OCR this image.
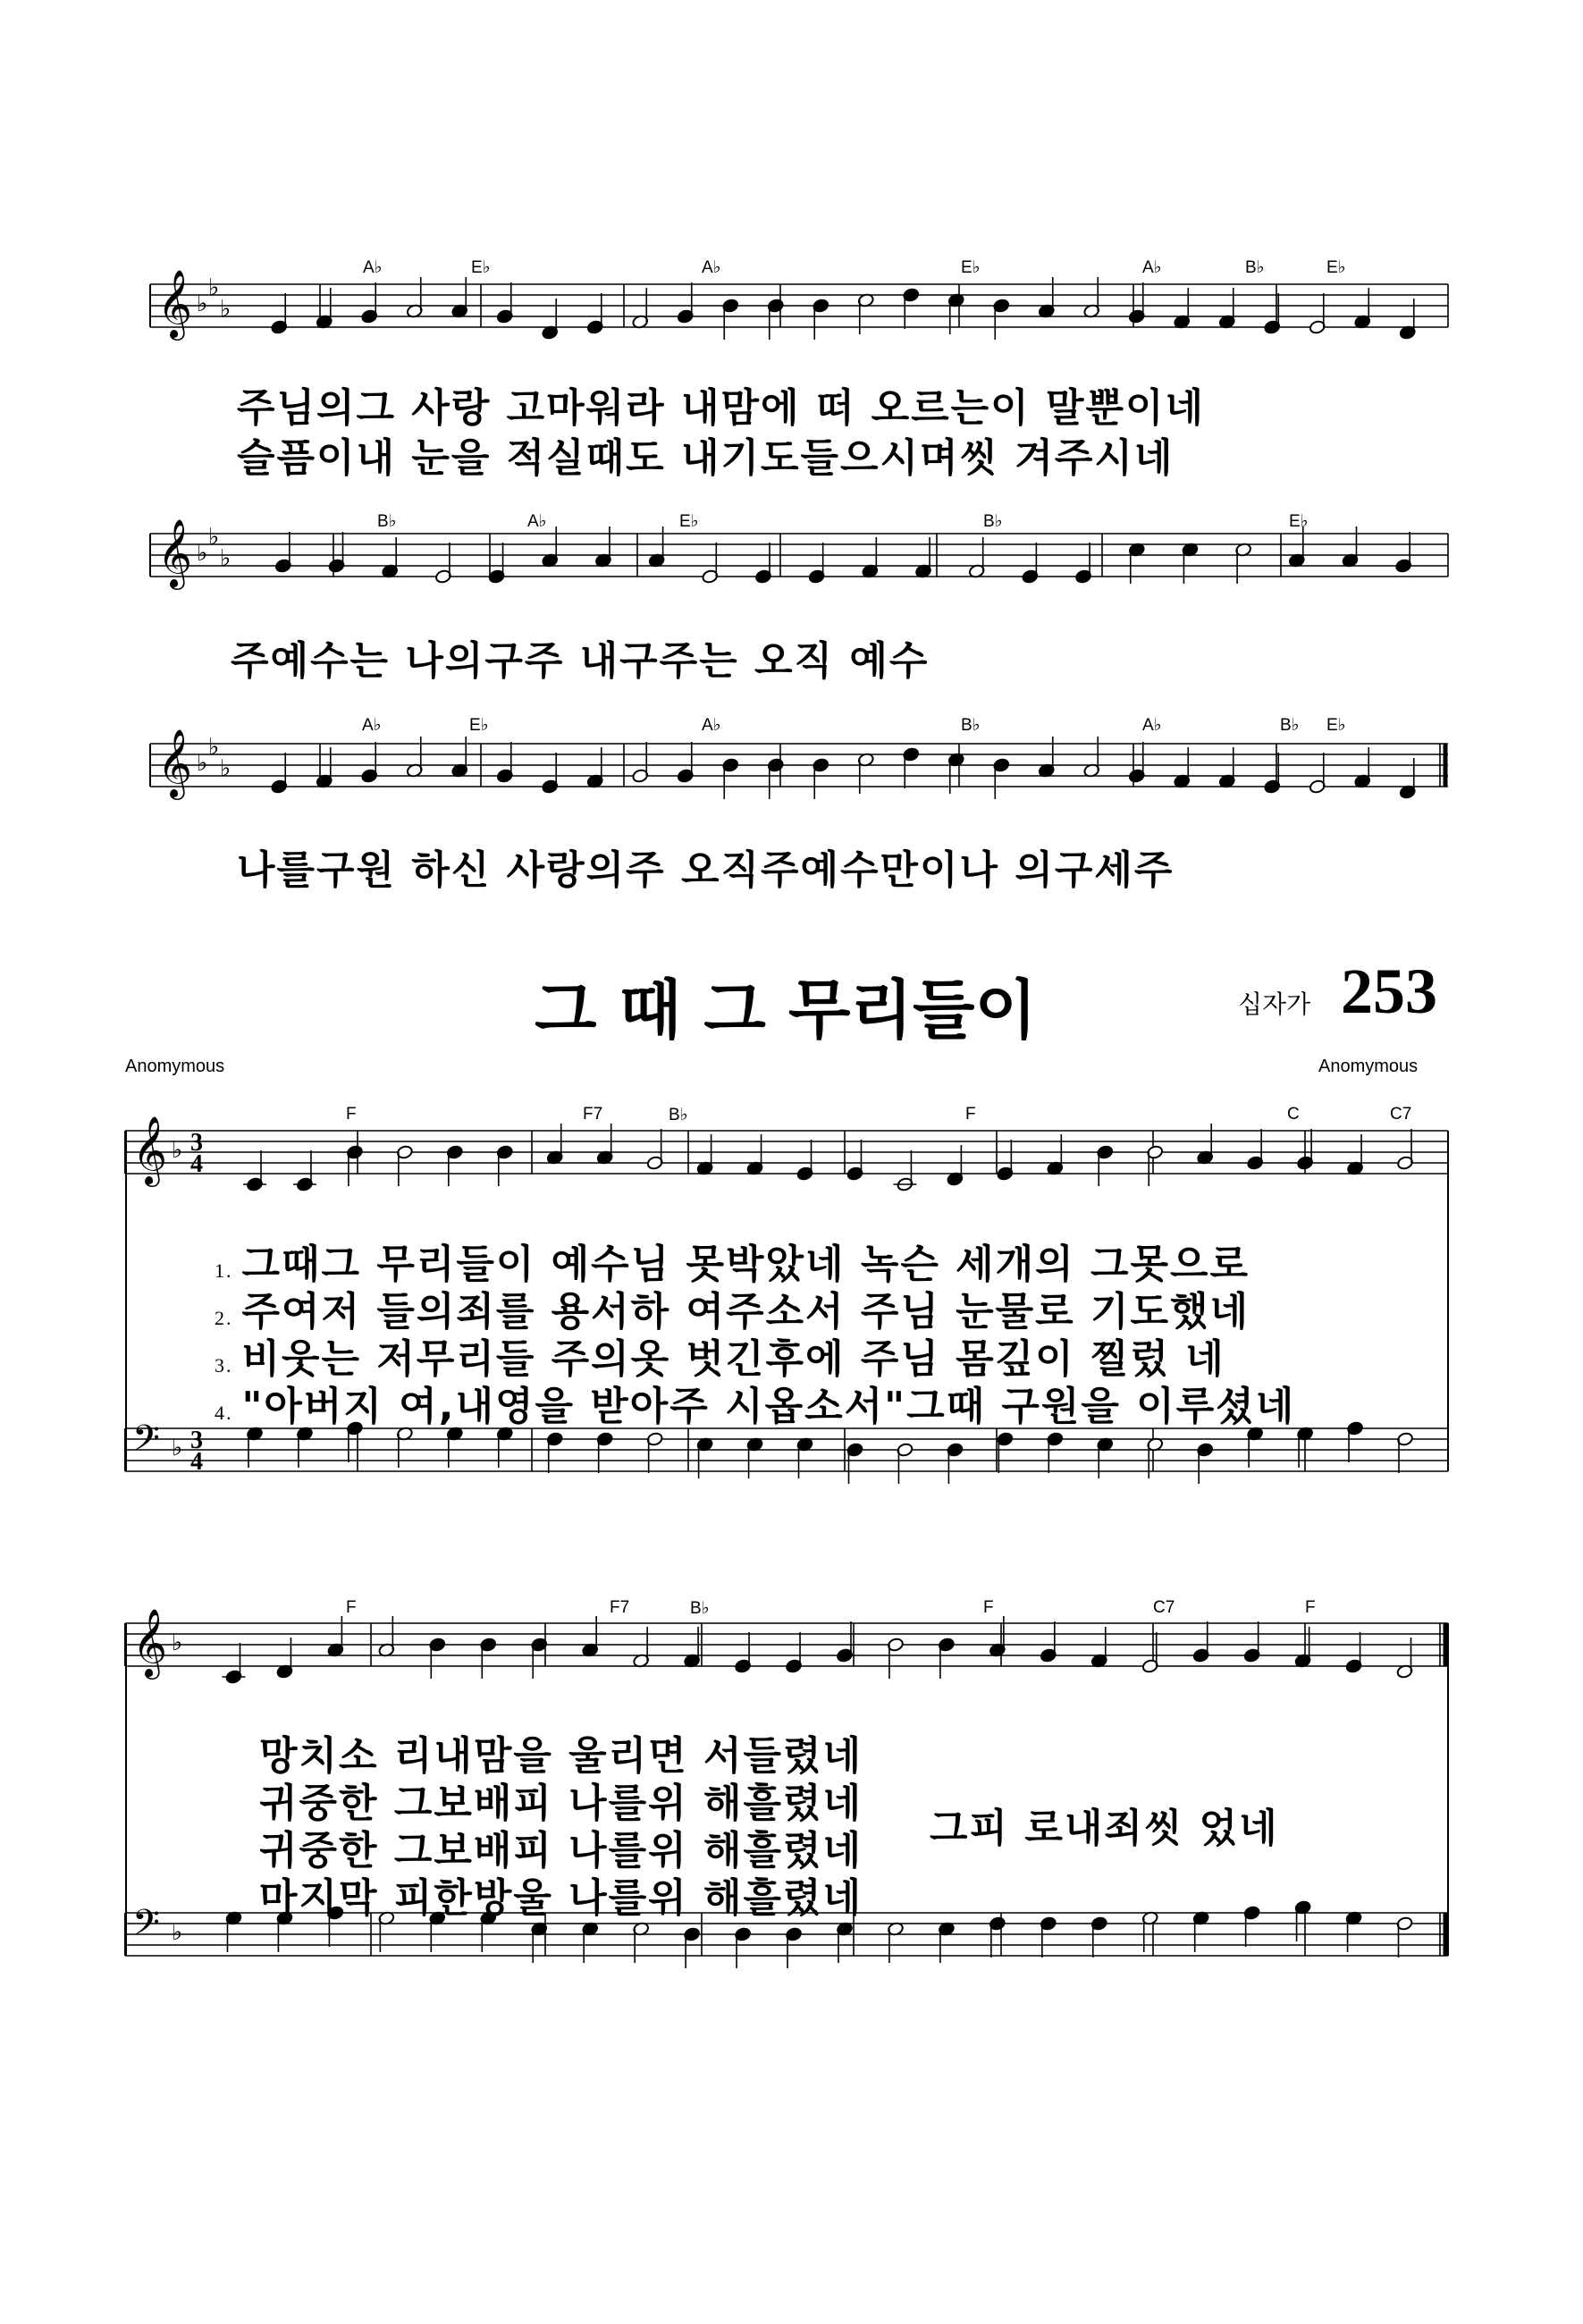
𝄞 ♭
♭
♭
A♭	E♭	A♭	E♭	A♭	B♭	E♭
주님의그 사랑 고마워라 내맘에 떠 오르는이 말뿐이네
슬픔이내 눈을 적실때도 내기도들으시며씻 겨주시네
𝄞 ♭
♭
♭
B♭	A♭	E♭	B♭	E♭
주예수는 나의구주 내구주는 오직 예수
𝄞 ♭
♭
♭
A♭	E♭	A♭	B♭	A♭	B♭ E♭
나를구원 하신 사랑의주 오직주예수만이나 의구세주
그 때 그 무리들이	십자가 253
Anomymous	Anomymous
𝄞 ♭ 3
4
𝄢 ♭ 3
4
F	F7	B♭	F	C	C7
1. 그때그 무리들이 예수님 못박았네 녹슨 세개의 그못으로
2. 주여저 들의죄를 용서하 여주소서 주님 눈물로 기도했네
3. 비웃는 저무리들 주의옷 벗긴후에 주님 몸깊이 찔렀 네
4. "아버지 여,내영을 받아주 시옵소서"그때 구원을 이루셨네
𝄞 ♭
𝄢 ♭
F	F7	B♭	F	C7	F
망치소 리내맘을 울리면 서들렸네
귀중한 그보배피 나를위 해흘렸네
귀중한 그보배피 나를위 해흘렸네
마지막 피한방울 나를위 해흘렸네
그피 로내죄씻 었네
